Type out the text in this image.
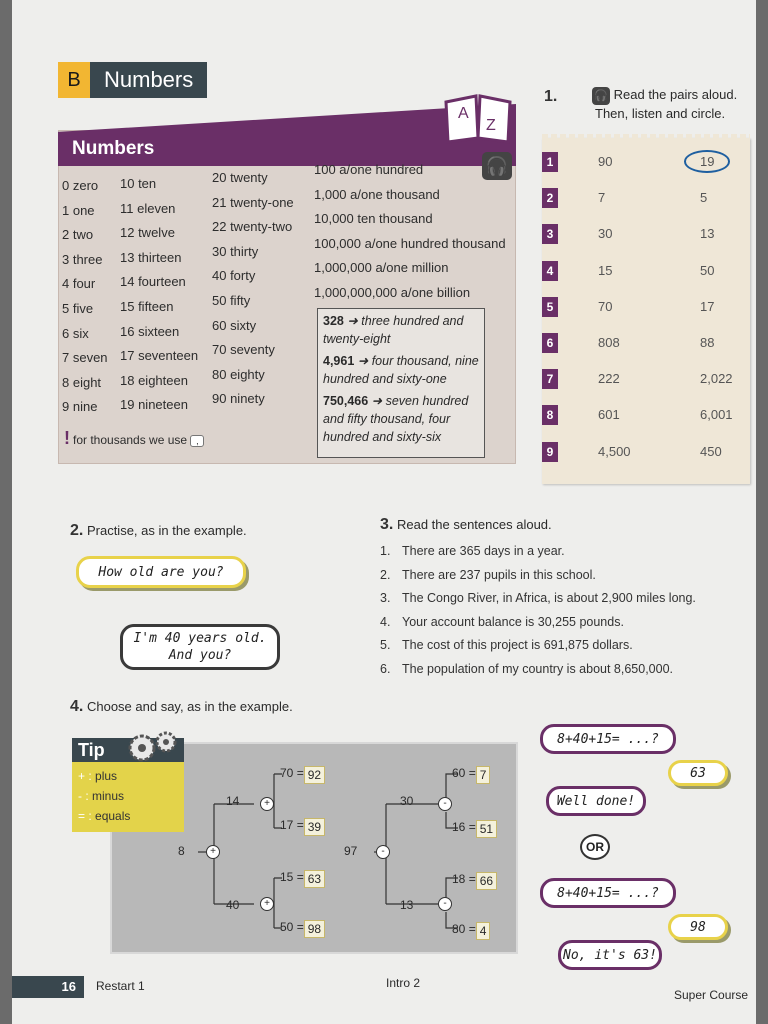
B	Numbers
Numbers
A
Z
🎧
0 zero
1 one
2 two
3 three
4 four
5 five
6 six
7 seven
8 eight
9 nine
10 ten
11 eleven
12 twelve
13 thirteen
14 fourteen
15 fifteen
16 sixteen
17 seventeen
18 eighteen
19 nineteen
20 twenty
21 twenty-one
22 twenty-two
30 thirty
40 forty
50 fifty
60 sixty
70 seventy
80 eighty
90 ninety
100 a/one hundred
1,000 a/one thousand
10,000 ten thousand
100,000 a/one hundred thousand
1,000,000 a/one million
1,000,000,000 a/one billion
328 ➜ three hundred and twenty-eight
4,961 ➜ four thousand, nine hundred and sixty-one
750,466 ➜ seven hundred and fifty thousand, four hundred and sixty-six
! for thousands we use ,
1.	🎧 Read the pairs aloud.
Then, listen and circle.
2. Practise, as in the example.
How old are you?
I'm 40 years old.
And you?
3. Read the sentences aloud.
1. There are 365 days in a year.
2. There are 237 pupils in this school.
3. The Congo River, in Africa, is about 2,900 miles long.
4. Your account balance is 30,255 pounds.
5. The cost of this project is 691,875 dollars.
6. The population of my country is about 8,650,000.
4. Choose and say, as in the example.
8	+
14	+
40	+
70 = 92
17 = 39
15 = 63
50 = 98
97	-
30	-
13	-
60 = 7
16 = 51
18 = 66
80 = 4
Tip
+ : plus
- : minus
= : equals
8+40+15= ...?
63
Well done!
OR
8+40+15= ...?
98
No, it's 63!
16	Restart 1	Intro 2
Super Course
1	90	19
2	7	5
3	30	13
4	15	50
5	70	17
6	808	88
7	222	2,022
8	601	6,001
9	4,500	450
